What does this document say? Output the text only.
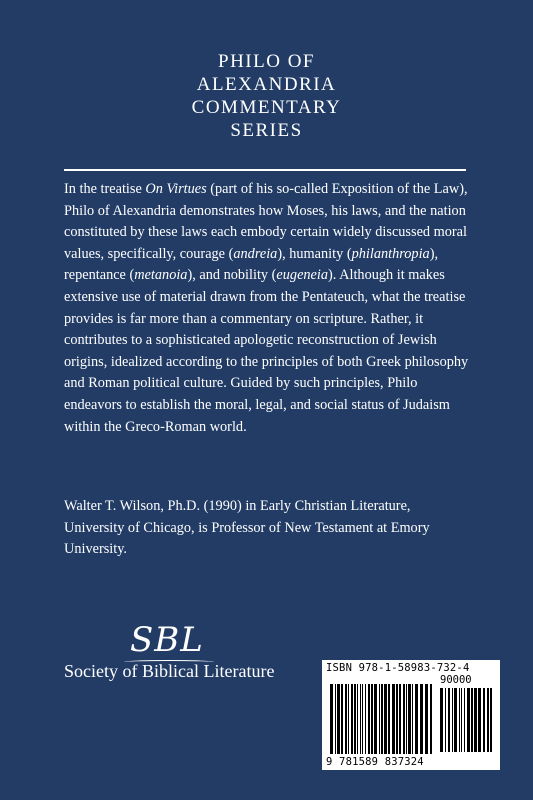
PHILO OF
ALEXANDRIA
COMMENTARY
SERIES

In the treatise On Virtues (part of his so-called Exposition of the Law), Philo of Alexandria demonstrates how Moses, his laws, and the nation constituted by these laws each embody certain widely discussed moral values, specifically, courage (andreia), humanity (philanthropia), repentance (metanoia), and nobility (eugeneia). Although it makes extensive use of material drawn from the Pentateuch, what the treatise provides is far more than a commentary on scripture. Rather, it contributes to a sophisticated apologetic reconstruction of Jewish origins, idealized according to the principles of both Greek philosophy and Roman political culture. Guided by such principles, Philo endeavors to establish the moral, legal, and social status of Judaism within the Greco-Roman world.

Walter T. Wilson, Ph.D. (1990) in Early Christian Literature, University of Chicago, is Professor of New Testament at Emory University.

SBL
Society of Biblical Literature	ISBN 978-1-58983-732-4
90000
9 781589 837324
